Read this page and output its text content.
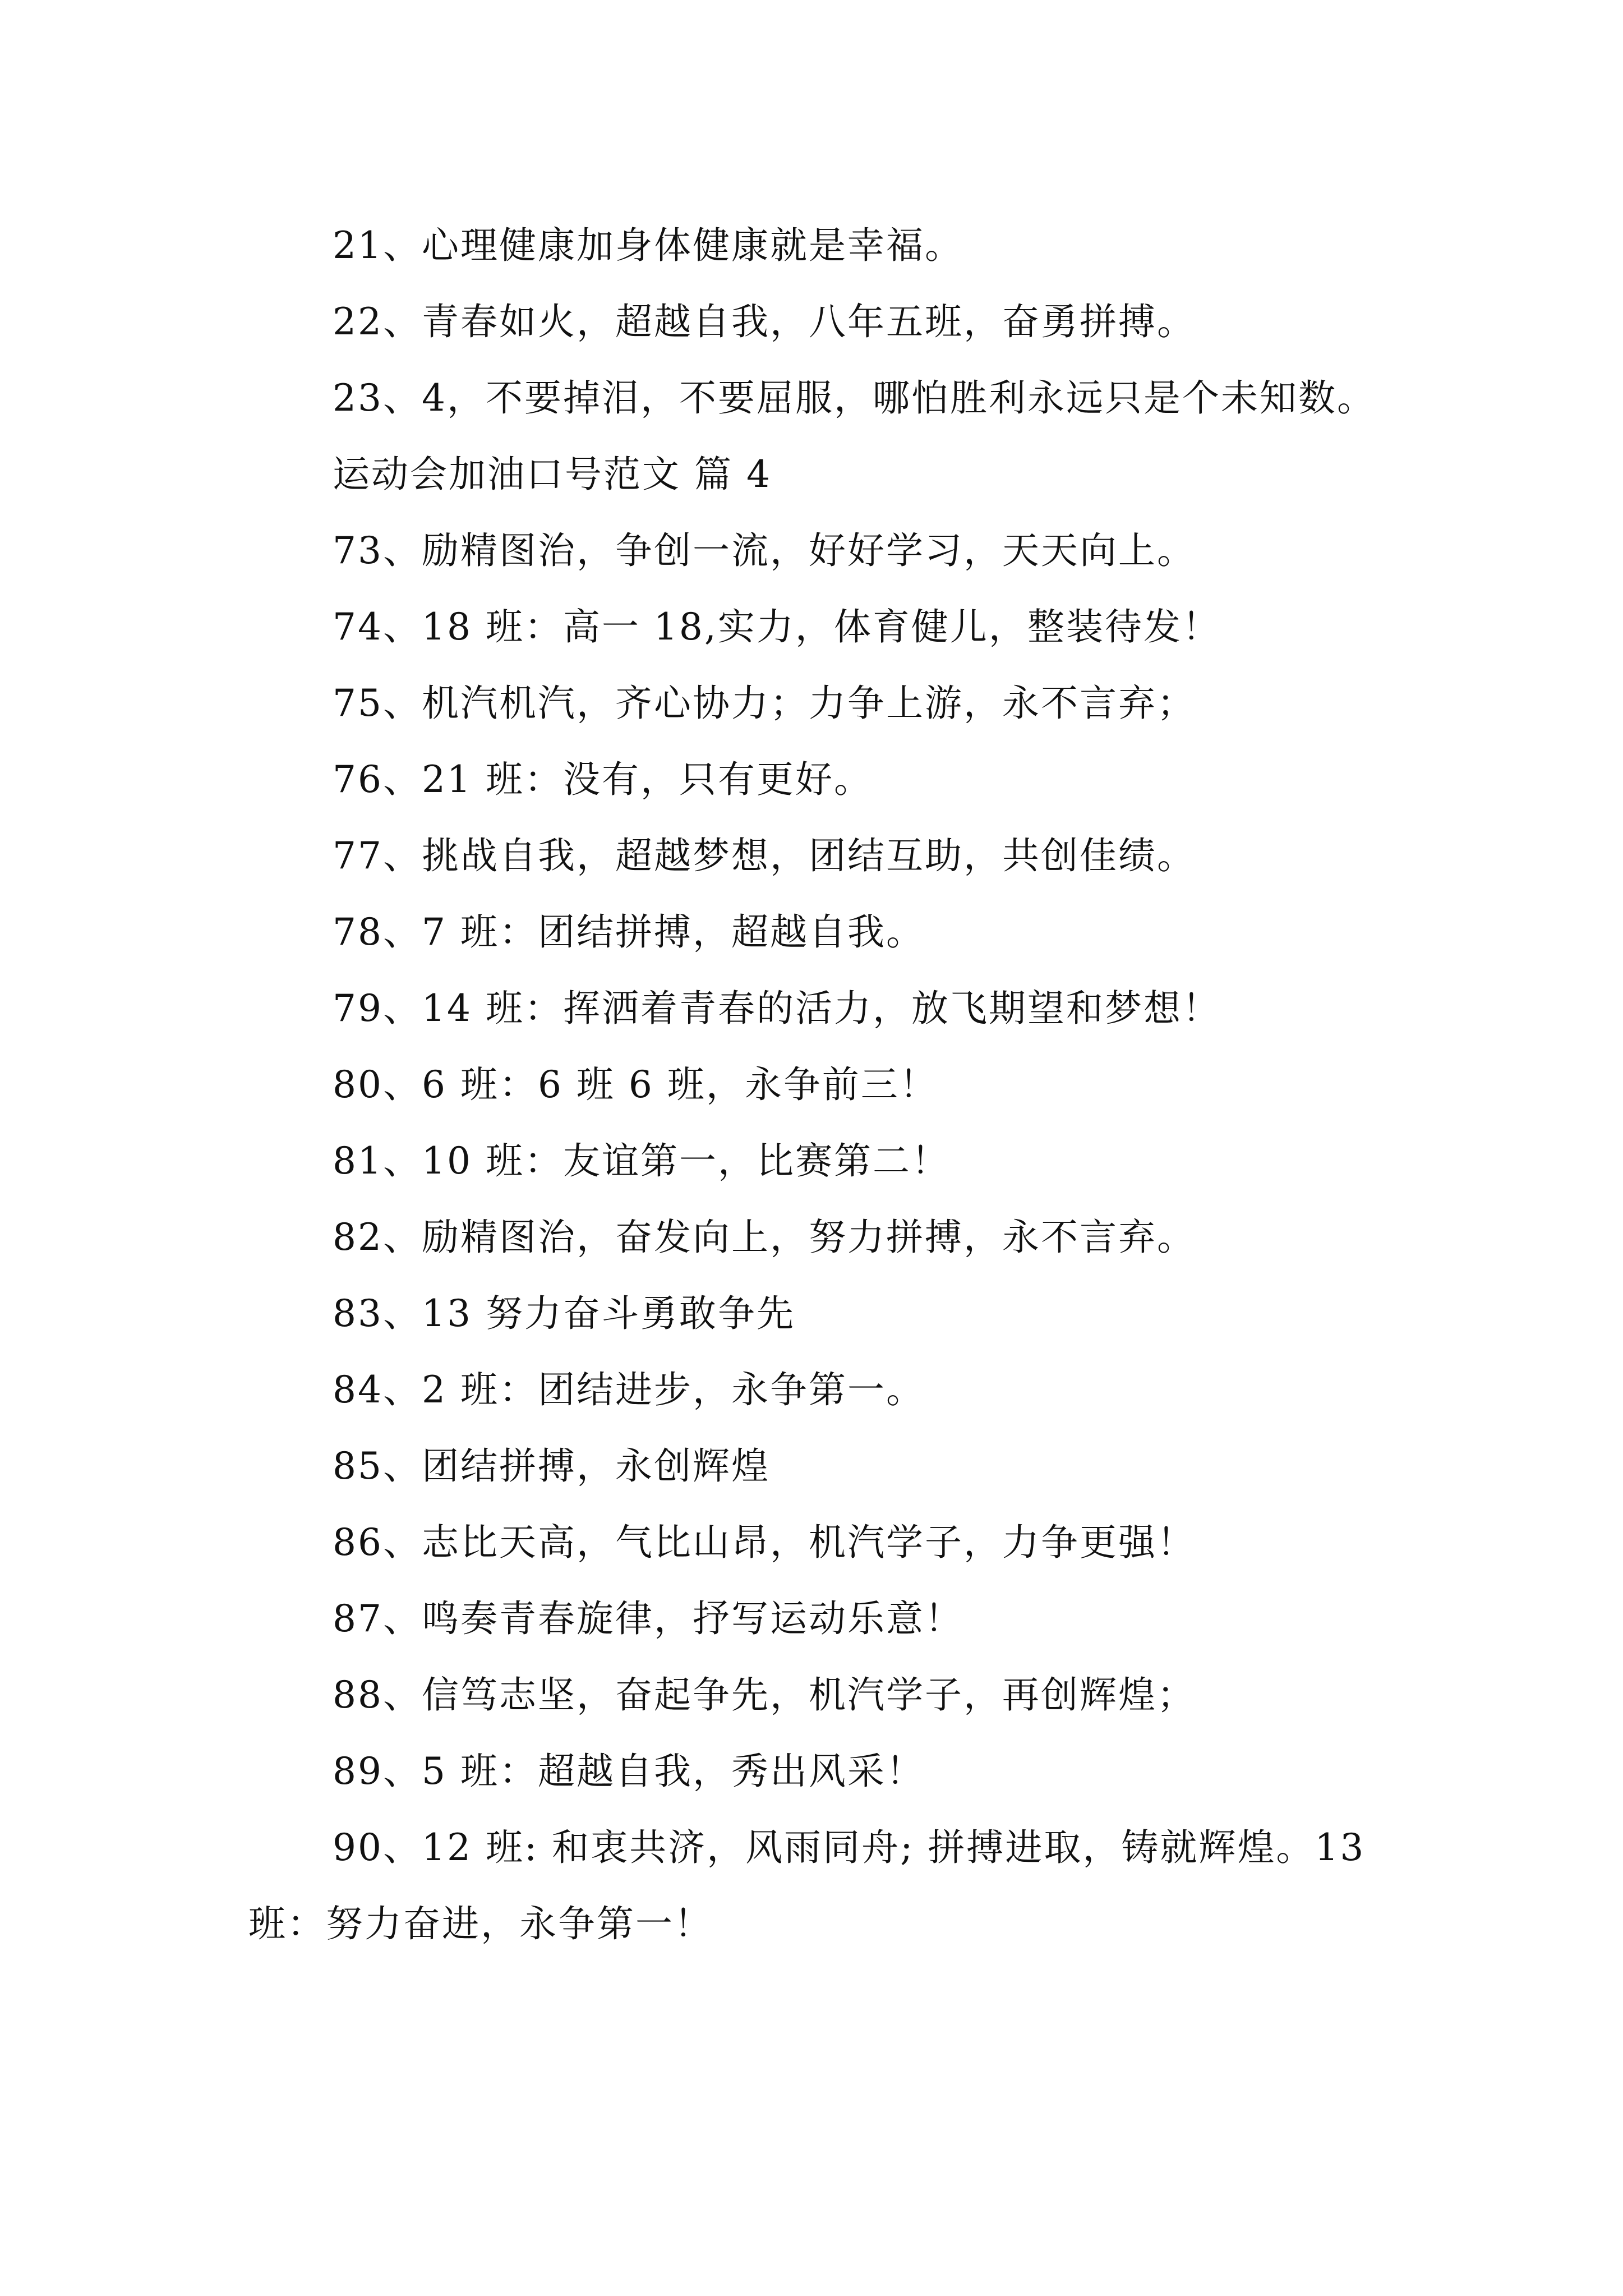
21、心理健康加身体健康就是幸福。

22、青春如火，超越自我，八年五班，奋勇拼搏。

23、4，不要掉泪，不要屈服，哪怕胜利永远只是个未知数。

运动会加油口号范文 篇 4

73、励精图治，争创一流，好好学习，天天向上。

74、18 班：高一 18,实力，体育健儿，整装待发！

75、机汽机汽，齐心协力；力争上游，永不言弃；

76、21 班：没有，只有更好。

77、挑战自我，超越梦想，团结互助，共创佳绩。

78、7 班：团结拼搏，超越自我。

79、14 班：挥洒着青春的活力，放飞期望和梦想！

80、6 班：6 班 6 班，永争前三！

81、10 班：友谊第一，比赛第二！

82、励精图治，奋发向上，努力拼搏，永不言弃。

83、13 努力奋斗勇敢争先

84、2 班：团结进步，永争第一。

85、团结拼搏，永创辉煌

86、志比天高，气比山昂，机汽学子，力争更强！

87、鸣奏青春旋律，抒写运动乐意！

88、信笃志坚，奋起争先，机汽学子，再创辉煌；

89、5 班：超越自我，秀出风采！

90、12 班: 和衷共济，风雨同舟; 拼搏进取，铸就辉煌。13 班：努力奋进，永争第一！
